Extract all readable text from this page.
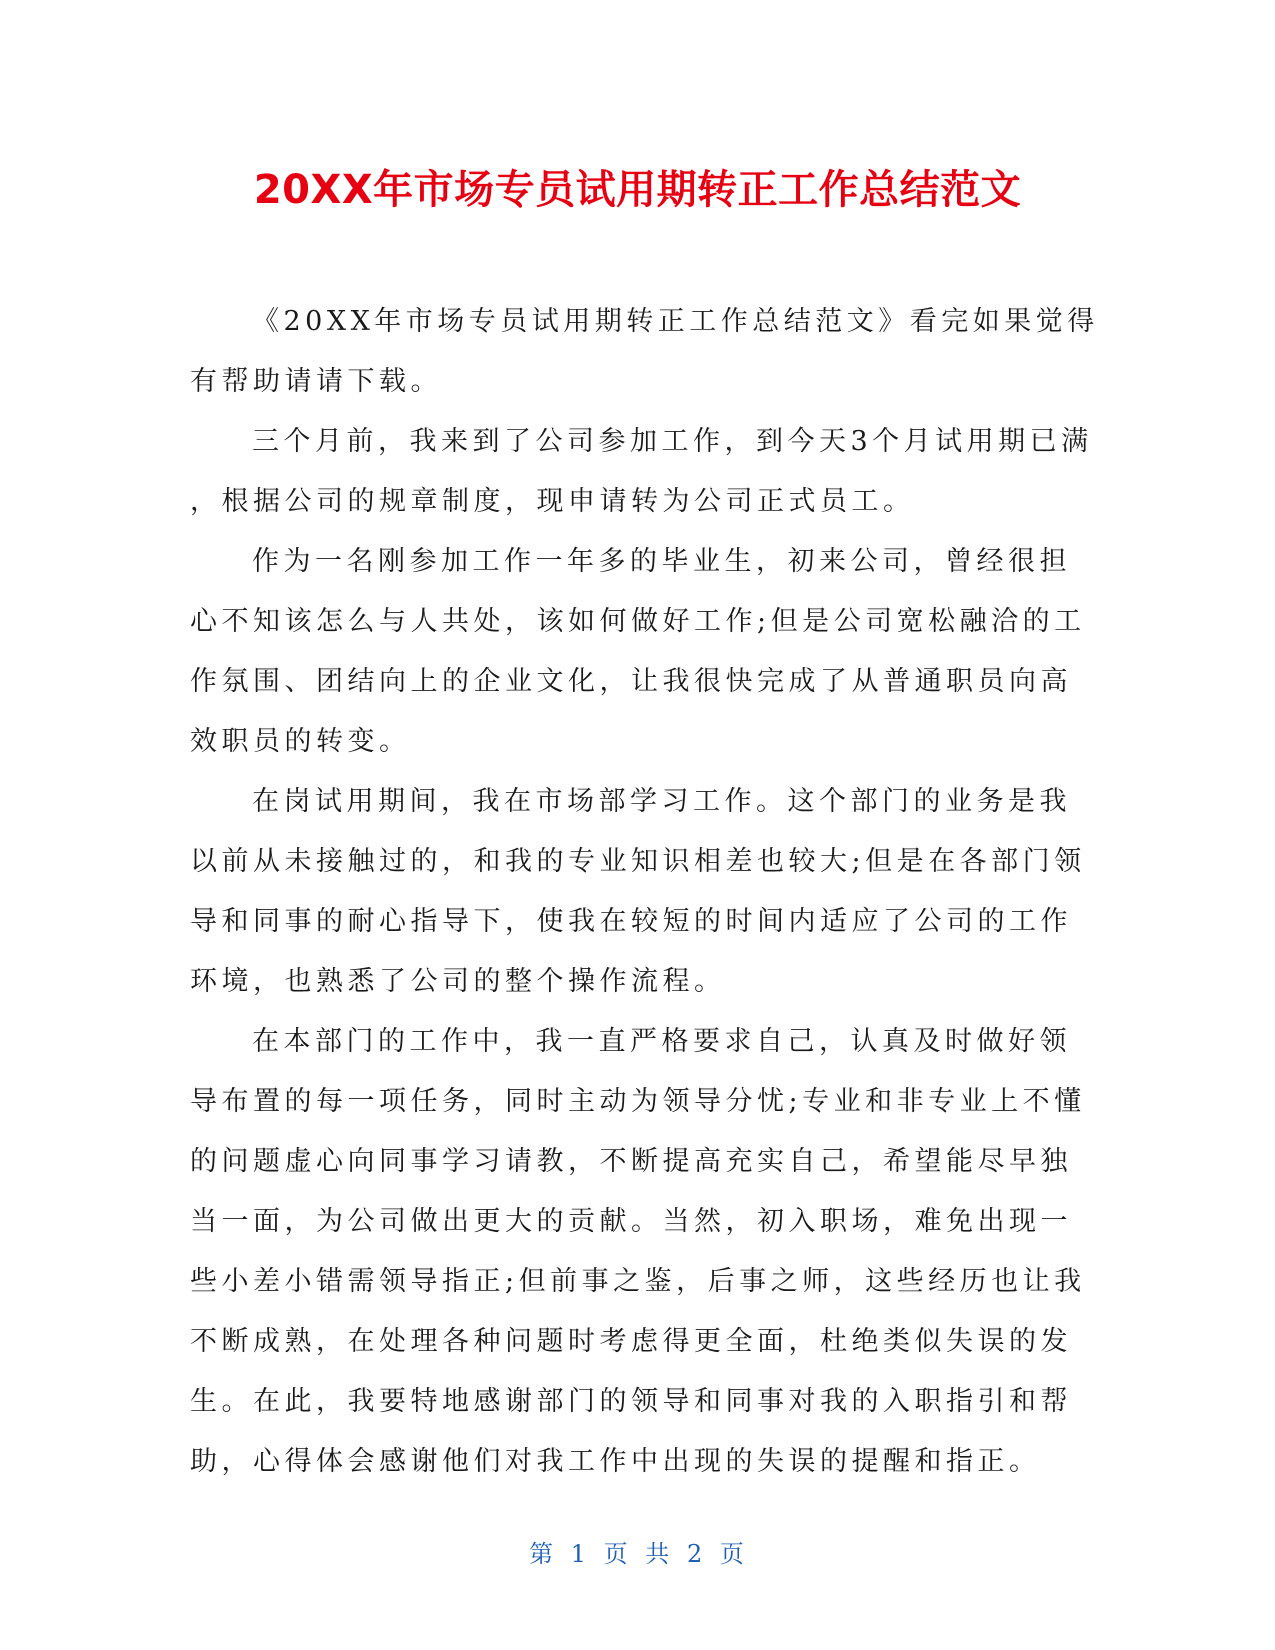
20XX年市场专员试用期转正工作总结范文

《20XX年市场专员试用期转正工作总结范文》看完如果觉得
有帮助请请下载。

三个月前，我来到了公司参加工作，到今天3个月试用期已满
，根据公司的规章制度，现申请转为公司正式员工。

作为一名刚参加工作一年多的毕业生，初来公司，曾经很担
心不知该怎么与人共处，该如何做好工作;但是公司宽松融洽的工
作氛围、团结向上的企业文化，让我很快完成了从普通职员向高
效职员的转变。

在岗试用期间，我在市场部学习工作。这个部门的业务是我
以前从未接触过的，和我的专业知识相差也较大;但是在各部门领
导和同事的耐心指导下，使我在较短的时间内适应了公司的工作
环境，也熟悉了公司的整个操作流程。

在本部门的工作中，我一直严格要求自己，认真及时做好领
导布置的每一项任务，同时主动为领导分忧;专业和非专业上不懂
的问题虚心向同事学习请教，不断提高充实自己，希望能尽早独
当一面，为公司做出更大的贡献。当然，初入职场，难免出现一
些小差小错需领导指正;但前事之鉴，后事之师，这些经历也让我
不断成熟，在处理各种问题时考虑得更全面，杜绝类似失误的发
生。在此，我要特地感谢部门的领导和同事对我的入职指引和帮
助，心得体会感谢他们对我工作中出现的失误的提醒和指正。

第 1 页 共 2 页
